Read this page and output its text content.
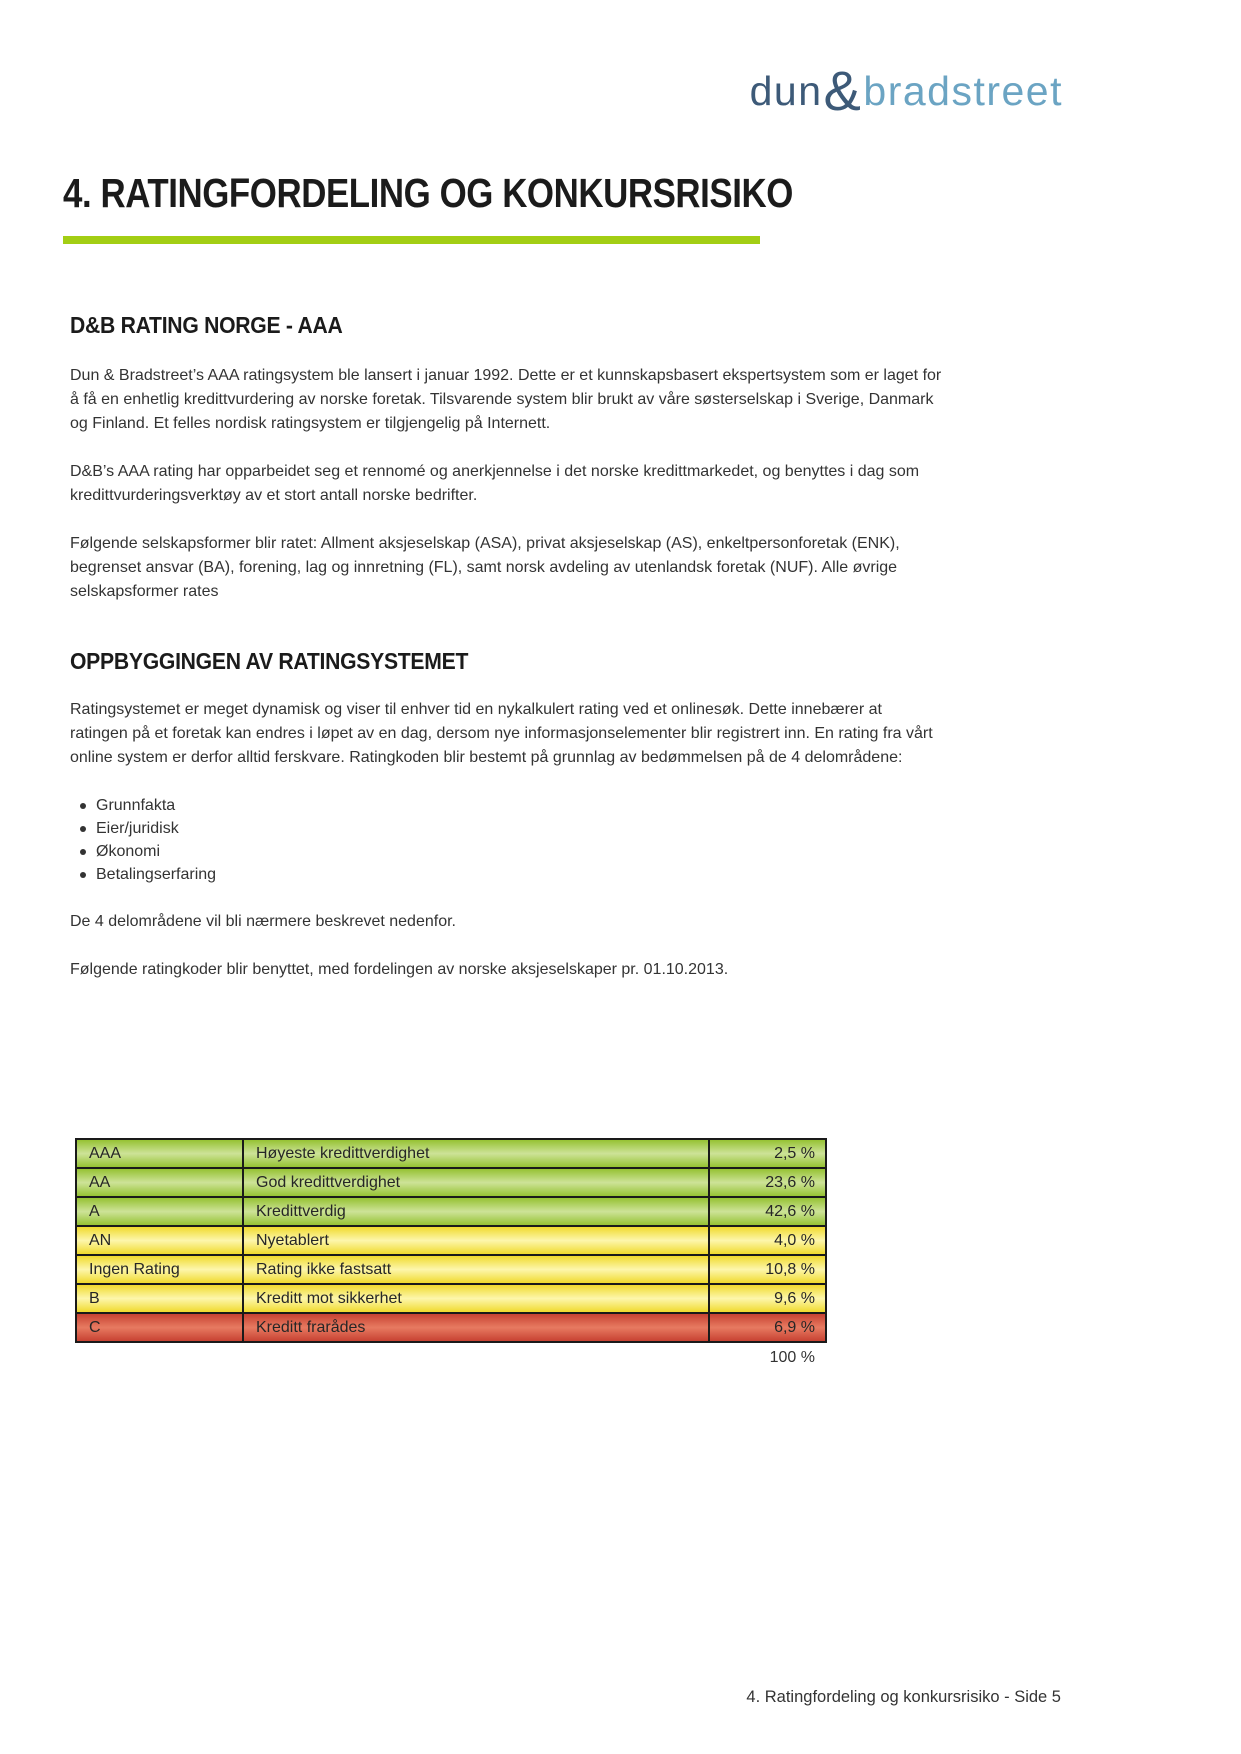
dun & bradstreet
4. RATINGFORDELING OG KONKURSRISIKO
D&B RATING NORGE - AAA

Dun & Bradstreet’s AAA ratingsystem ble lansert i januar 1992. Dette er et kunnskapsbasert ekspertsystem som er laget for å få en enhetlig kredittvurdering av norske foretak. Tilsvarende system blir brukt av våre søsterselskap i Sverige, Danmark og Finland. Et felles nordisk ratingsystem er tilgjengelig på Internett.

D&B’s AAA rating har opparbeidet seg et rennomé og anerkjennelse i det norske kredittmarkedet, og benyttes i dag som kredittvurderingsverktøy av et stort antall norske bedrifter.

Følgende selskapsformer blir ratet: Allment aksjeselskap (ASA), privat aksjeselskap (AS), enkeltpersonforetak (ENK), begrenset ansvar (BA), forening, lag og innretning (FL), samt norsk avdeling av utenlandsk foretak (NUF). Alle øvrige selskapsformer rates

OPPBYGGINGEN AV RATINGSYSTEMET

Ratingsystemet er meget dynamisk og viser til enhver tid en nykalkulert rating ved et onlinesøk. Dette innebærer at ratingen på et foretak kan endres i løpet av en dag, dersom nye informasjonselementer blir registrert inn. En rating fra vårt online system er derfor alltid ferskvare. Ratingkoden blir bestemt på grunnlag av bedømmelsen på de 4 delområdene:

Grunnfakta
Eier/juridisk
Økonomi
Betalingserfaring

De 4 delområdene vil bli nærmere beskrevet nedenfor.

Følgende ratingkoder blir benyttet, med fordelingen av norske aksjeselskaper pr. 01.10.2013.

AAA	Høyeste kredittverdighet	2,5 %
AA	God kredittverdighet	23,6 %
A	Kredittverdig	42,6 %
AN	Nyetablert	4,0 %
Ingen Rating	Rating ikke fastsatt	10,8 %
B	Kreditt mot sikkerhet	9,6 %
C	Kreditt frarådes	6,9 %
100 %
4. Ratingfordeling og konkursrisiko - Side 5
